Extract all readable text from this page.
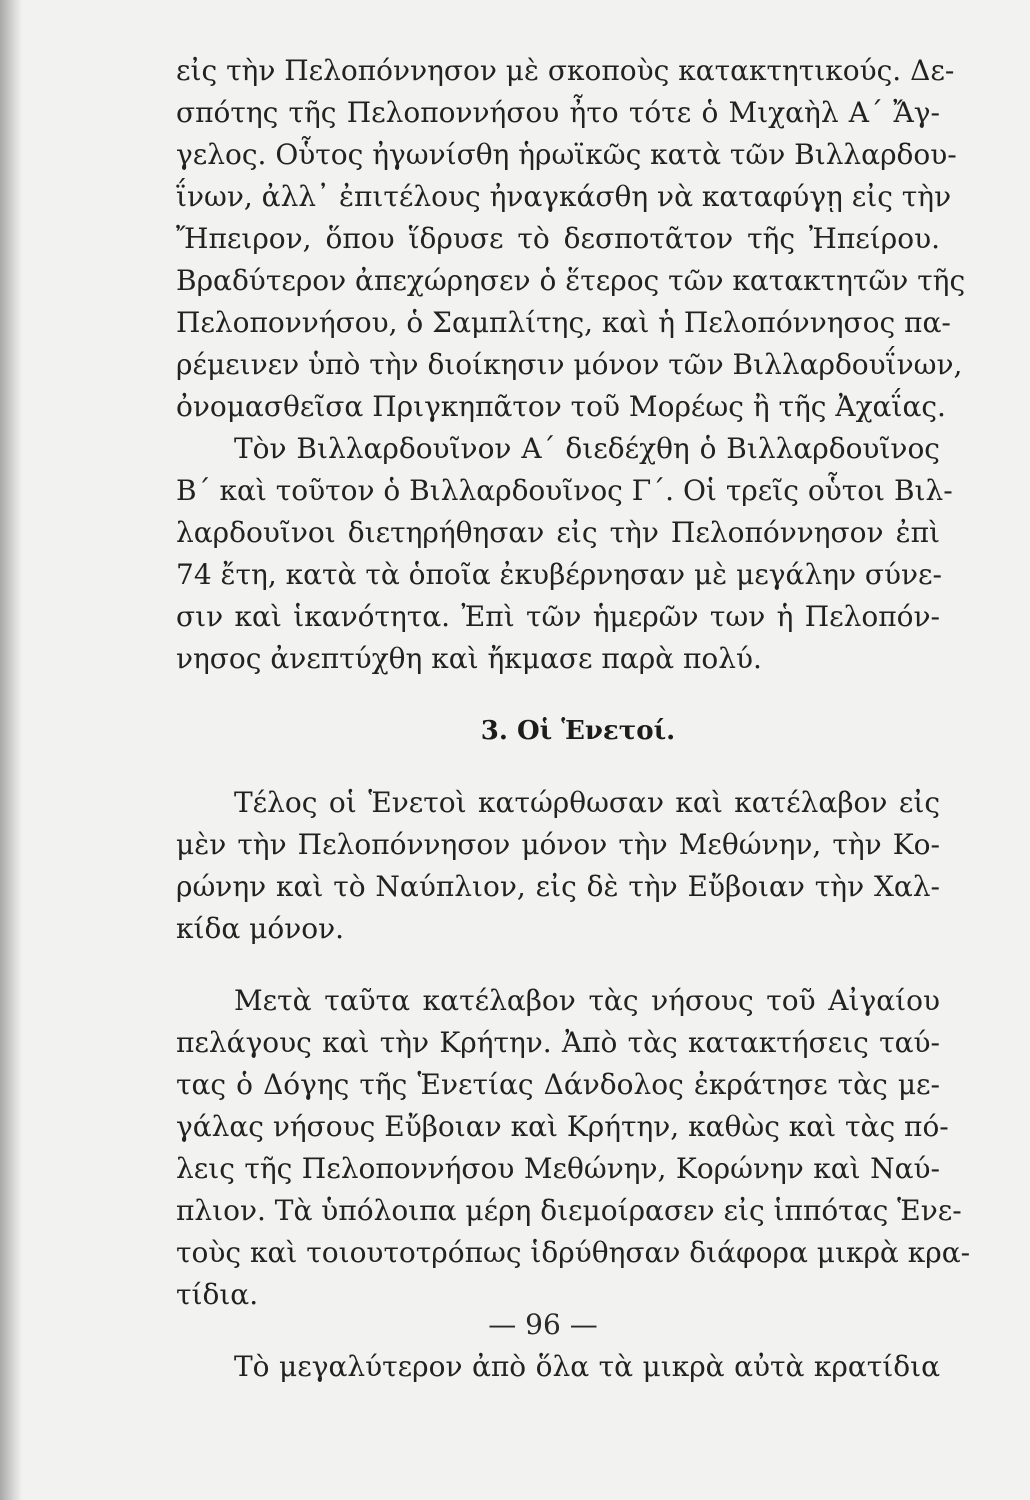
εἰς τὴν Πελοπόννησον μὲ σκοποὺς κατακτητικούς. Δε-
σπότης τῆς Πελοποννήσου ἦτο τότε ὁ Μιχαὴλ Α΄ Ἄγ-
γελος. Οὗτος ἠγωνίσθη ἡρωϊκῶς κατὰ τῶν Βιλλαρδου-
ΐνων, ἀλλ᾽ ἐπιτέλους ἠναγκάσθη νὰ καταφύγῃ εἰς τὴν
Ἤπειρον, ὅπου ἵδρυσε τὸ δεσποτᾶτον τῆς Ἠπείρου.
Βραδύτερον ἀπεχώρησεν ὁ ἕτερος τῶν κατακτητῶν τῆς
Πελοποννήσου, ὁ Σαμπλίτης, καὶ ἡ Πελοπόννησος πα-
ρέμεινεν ὑπὸ τὴν διοίκησιν μόνον τῶν Βιλλαρδουΐνων,
ὀνομασθεῖσα Πριγκηπᾶτον τοῦ Μορέως ἢ τῆς Ἀχαΐας.
Τὸν Βιλλαρδουῖνον Α΄ διεδέχθη ὁ Βιλλαρδουῖνος
Β΄ καὶ τοῦτον ὁ Βιλλαρδουῖνος Γ΄. Οἱ τρεῖς οὗτοι Βιλ-
λαρδουῖνοι διετηρήθησαν εἰς τὴν Πελοπόννησον ἐπὶ
74 ἔτη, κατὰ τὰ ὁποῖα ἐκυβέρνησαν μὲ μεγάλην σύνε-
σιν καὶ ἱκανότητα. Ἐπὶ τῶν ἡμερῶν των ἡ Πελοπόν-
νησος ἀνεπτύχθη καὶ ἤκμασε παρὰ πολύ.
3. Οἱ Ἑνετοί.
Τέλος οἱ Ἑνετοὶ κατώρθωσαν καὶ κατέλαβον εἰς
μὲν τὴν Πελοπόννησον μόνον τὴν Μεθώνην, τὴν Κο-
ρώνην καὶ τὸ Ναύπλιον, εἰς δὲ τὴν Εὔβοιαν τὴν Χαλ-
κίδα μόνον.
Μετὰ ταῦτα κατέλαβον τὰς νήσους τοῦ Αἰγαίου
πελάγους καὶ τὴν Κρήτην. Ἀπὸ τὰς κατακτήσεις ταύ-
τας ὁ Δόγης τῆς Ἑνετίας Δάνδολος ἐκράτησε τὰς με-
γάλας νήσους Εὔβοιαν καὶ Κρήτην, καθὼς καὶ τὰς πό-
λεις τῆς Πελοποννήσου Μεθώνην, Κορώνην καὶ Ναύ-
πλιον. Τὰ ὑπόλοιπα μέρη διεμοίρασεν εἰς ἱππότας Ἑνε-
τοὺς καὶ τοιουτοτρόπως ἱδρύθησαν διάφορα μικρὰ κρα-
τίδια.
Τὸ μεγαλύτερον ἀπὸ ὅλα τὰ μικρὰ αὐτὰ κρατίδια
— 96 —
